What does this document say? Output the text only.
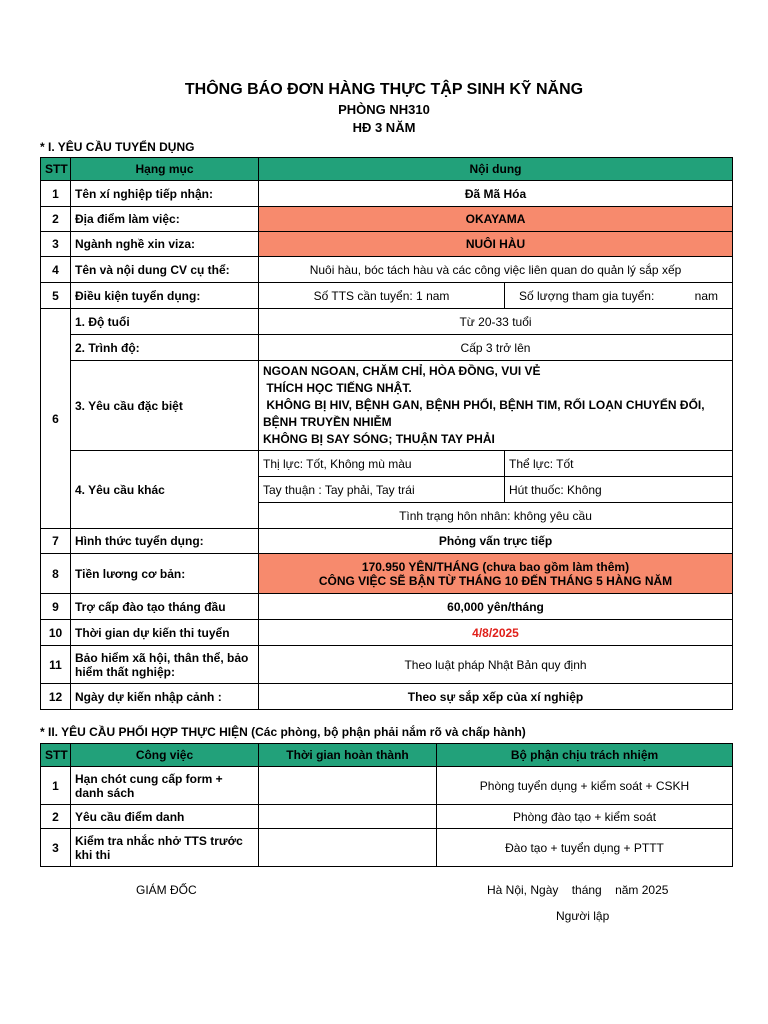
THÔNG BÁO ĐƠN HÀNG THỰC TẬP SINH KỸ NĂNG
PHÒNG NH310
HĐ 3 NĂM
* I. YÊU CẦU TUYỂN DỤNG
STT	Hạng mục	Nội dung	
1	Tên xí nghiệp tiếp nhận:	Đã Mã Hóa	
2	Địa điểm làm việc:	OKAYAMA	
3	Ngành nghề xin viza:	NUÔI HÀU	
4	Tên và nội dung CV cụ thể:	Nuôi hàu, bóc tách hàu và các công việc liên quan do quản lý sắp xếp	
5	Điều kiện tuyển dụng:	Số TTS cần tuyển: 1 nam	Số lượng tham gia tuyển: nam

6	1. Độ tuổi	Từ 20-33 tuổi	
	2. Trình độ:	Cấp 3 trở lên	
	3. Yêu cầu đặc biệt	NGOAN NGOAN, CHĂM CHỈ, HÒA ĐỒNG, VUI VẺ
THÍCH HỌC TIẾNG NHẬT.
KHÔNG BỊ HIV, BỆNH GAN, BỆNH PHỔI, BỆNH TIM, RỐI LOẠN CHUYỂN ĐỔI, BỆNH TRUYỀN NHIỄM
KHÔNG BỊ SAY SÓNG; THUẬN TAY PHẢI	

	4. Yêu cầu khác	Thị lực: Tốt, Không mù màu	Thể lực: Tốt
		Tay thuận : Tay phải, Tay trái	Hút thuốc: Không
		Tình trạng hôn nhân: không yêu cầu	

7	Hình thức tuyển dụng:	Phỏng vấn trực tiếp	
8	Tiền lương cơ bản:	170.950 YÊN/THÁNG (chưa bao gồm làm thêm)
CÔNG VIỆC SẼ BẬN TỪ THÁNG 10 ĐẾN THÁNG 5 HÀNG NĂM	

9	Trợ cấp đào tạo tháng đầu	60,000 yên/tháng	
10	Thời gian dự kiến thi tuyển	4/8/2025	
11	Bảo hiểm xã hội, thân thể, bảo hiểm thất nghiệp:	Theo luật pháp Nhật Bản quy định	
12	Ngày dự kiến nhập cảnh :	Theo sự sắp xếp của xí nghiệp	
* II. YÊU CẦU PHỐI HỢP THỰC HIỆN (Các phòng, bộ phận phải nắm rõ và chấp hành)
STT	Công việc	Thời gian hoàn thành	Bộ phận chịu trách nhiệm
1	Hạn chót cung cấp form + danh sách		Phòng tuyển dụng + kiểm soát + CSKH
2	Yêu cầu điểm danh		Phòng đào tạo + kiểm soát
3	Kiểm tra nhắc nhở TTS trước khi thi		Đào tạo + tuyển dụng + PTTT
GIÁM ĐỐC	Hà Nội, Ngày    tháng    năm 2025
Người lập
